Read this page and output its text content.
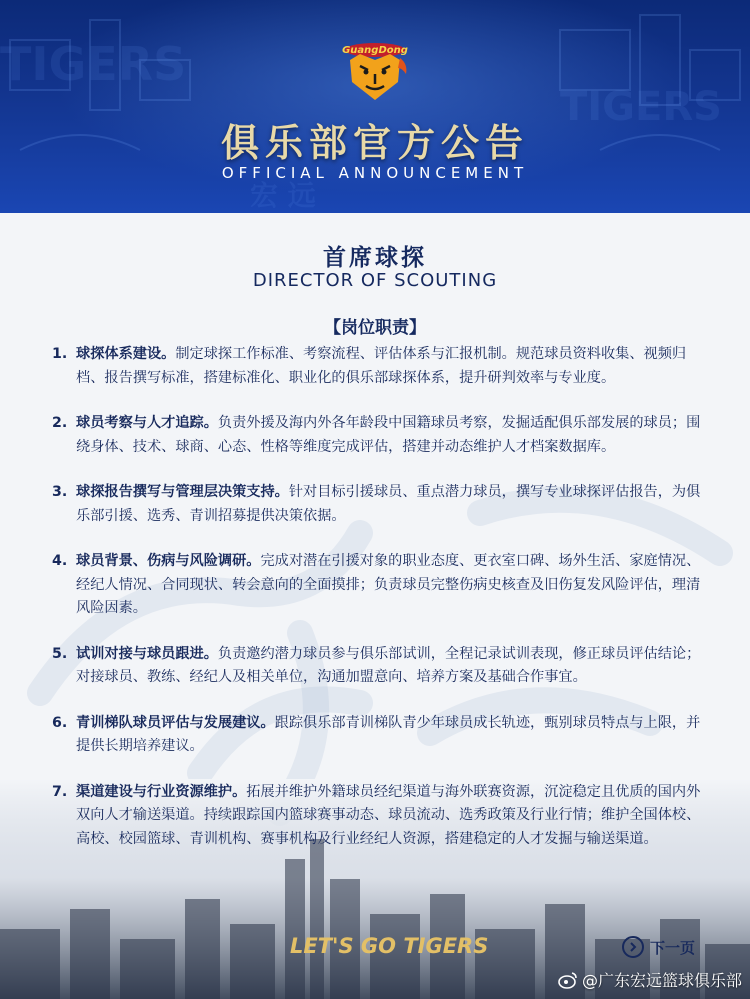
TIGERS
TIGERS
宏 远
GuangDong
俱乐部官方公告
OFFICIAL ANNOUNCEMENT
首席球探
DIRECTOR OF SCOUTING
【岗位职责】
1. 球探体系建设。制定球探工作标准、考察流程、评估体系与汇报机制。规范球员资料收集、视频归档、报告撰写标准，搭建标准化、职业化的俱乐部球探体系，提升研判效率与专业度。
2. 球员考察与人才追踪。负责外援及海内外各年龄段中国籍球员考察，发掘适配俱乐部发展的球员；围绕身体、技术、球商、心态、性格等维度完成评估，搭建并动态维护人才档案数据库。
3. 球探报告撰写与管理层决策支持。针对目标引援球员、重点潜力球员，撰写专业球探评估报告，为俱乐部引援、选秀、青训招募提供决策依据。
4. 球员背景、伤病与风险调研。完成对潜在引援对象的职业态度、更衣室口碑、场外生活、家庭情况、经纪人情况、合同现状、转会意向的全面摸排；负责球员完整伤病史核查及旧伤复发风险评估，理清风险因素。
5. 试训对接与球员跟进。负责邀约潜力球员参与俱乐部试训，全程记录试训表现，修正球员评估结论；对接球员、教练、经纪人及相关单位，沟通加盟意向、培养方案及基础合作事宜。
6. 青训梯队球员评估与发展建议。跟踪俱乐部青训梯队青少年球员成长轨迹，甄别球员特点与上限，并提供长期培养建议。
7. 渠道建设与行业资源维护。拓展并维护外籍球员经纪渠道与海外联赛资源，沉淀稳定且优质的国内外双向人才输送渠道。持续跟踪国内篮球赛事动态、球员流动、选秀政策及行业行情；维护全国体校、高校、校园篮球、青训机构、赛事机构及行业经纪人资源，搭建稳定的人才发掘与输送渠道。
LET'S GO TIGERS	下一页
@广东宏远篮球俱乐部
